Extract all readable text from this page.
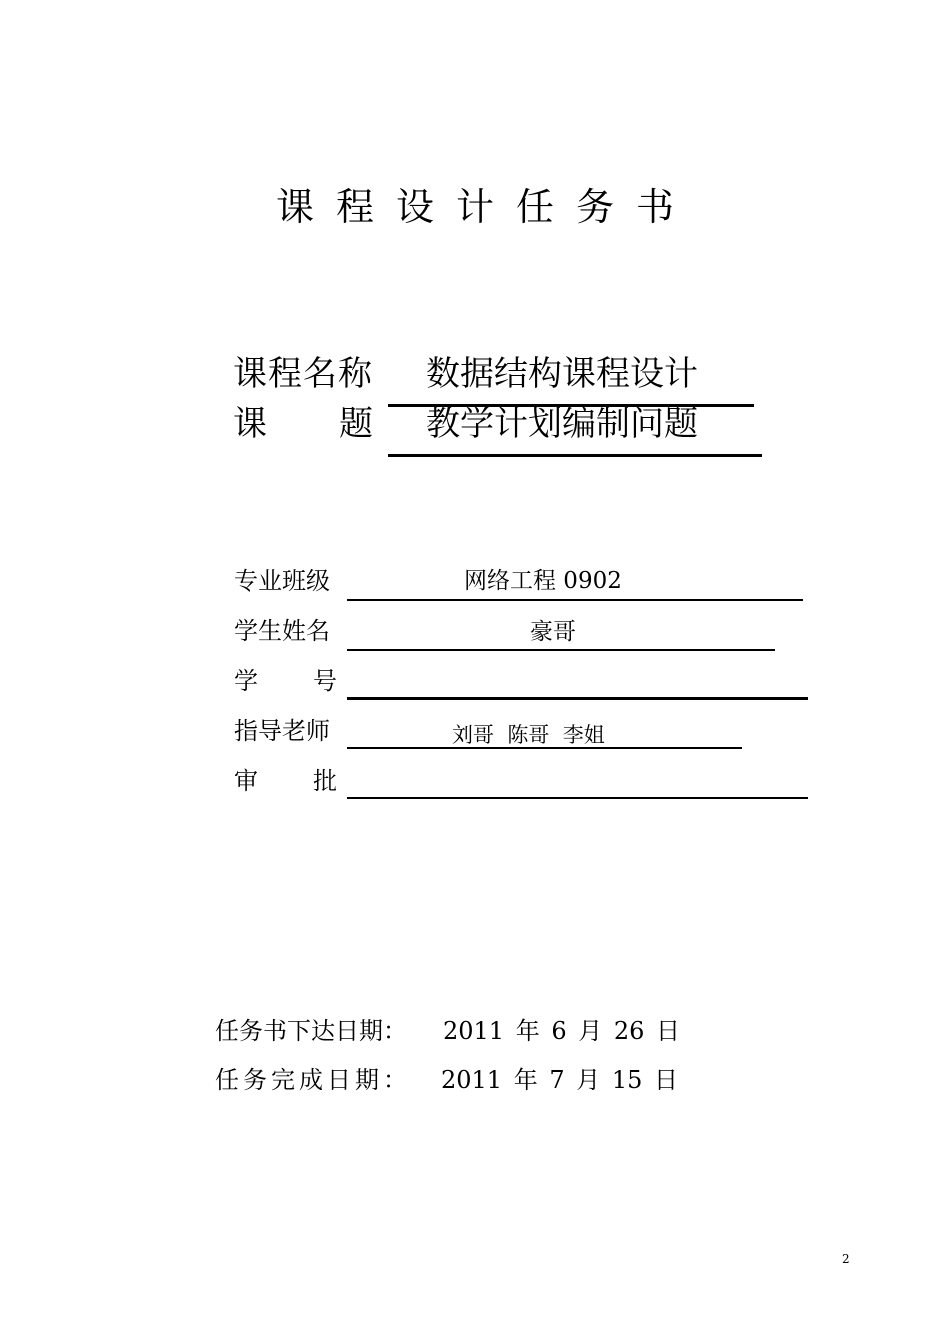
课程设计任务书
课程名称 数据结构课程设计
课 题 教学计划编制问题
专业班级	网络工程 0902
学生姓名	豪哥
学 号
指导老师	刘哥  陈哥  李姐
审 批
任务书下达日期： 2011 年 6 月 26 日
任务完成日期： 2011 年 7 月 15 日
2
